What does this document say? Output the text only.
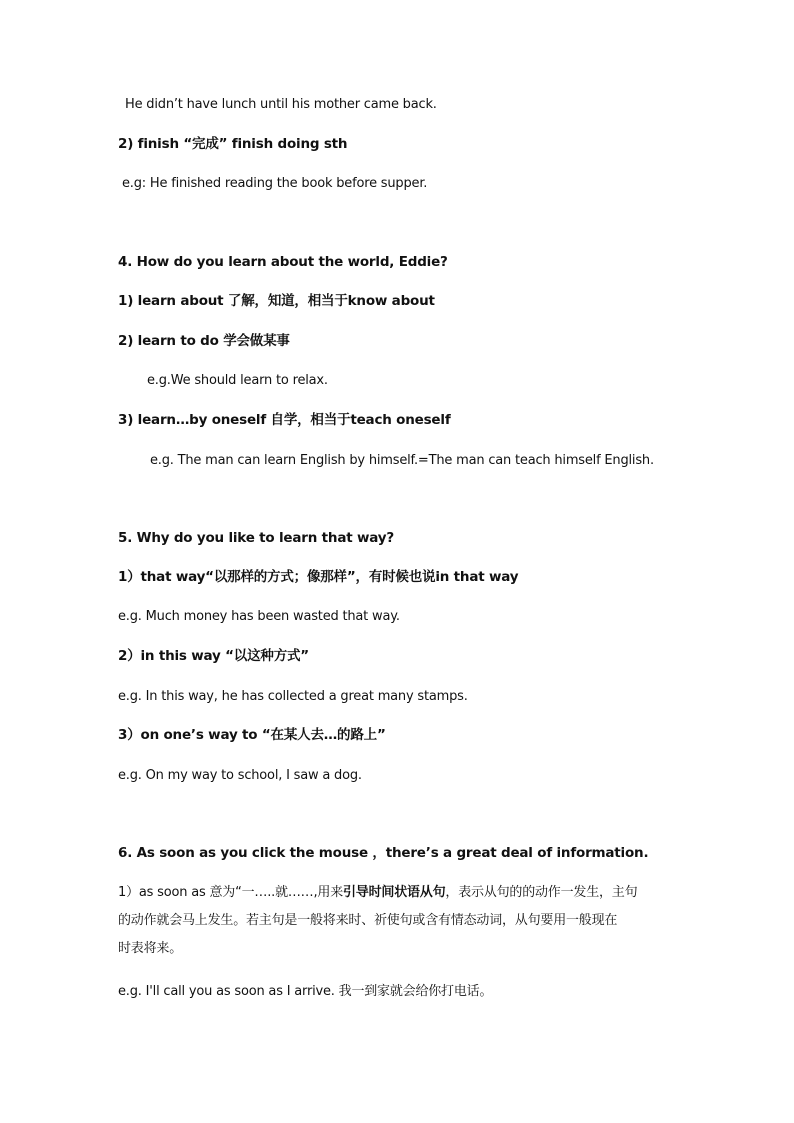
He didn’t have lunch until his mother came back.
2) finish “完成” finish doing sth
e.g: He finished reading the book before supper.
4. How do you learn about the world, Eddie?
1) learn about 了解，知道，相当于know about
2) learn to do 学会做某事
e.g.We should learn to relax.
3) learn…by oneself 自学，相当于teach oneself
e.g. The man can learn English by himself.=The man can teach himself English.
5. Why do you like to learn that way?
1）that way“以那样的方式；像那样”，有时候也说in that way
e.g. Much money has been wasted that way.
2）in this way “以这种方式”
e.g. In this way, he has collected a great many stamps.
3）on one’s way to “在某人去…的路上”
e.g. On my way to school, I saw a dog.
6. As soon as you click the mouse ，there’s a great deal of information.
1）as soon as 意为“一…..就……,用来引导时间状语从句，表示从句的的动作一发生，主句
的动作就会马上发生。若主句是一般将来时、祈使句或含有情态动词，从句要用一般现在
时表将来。
e.g. I'll call you as soon as I arrive. 我一到家就会给你打电话。
